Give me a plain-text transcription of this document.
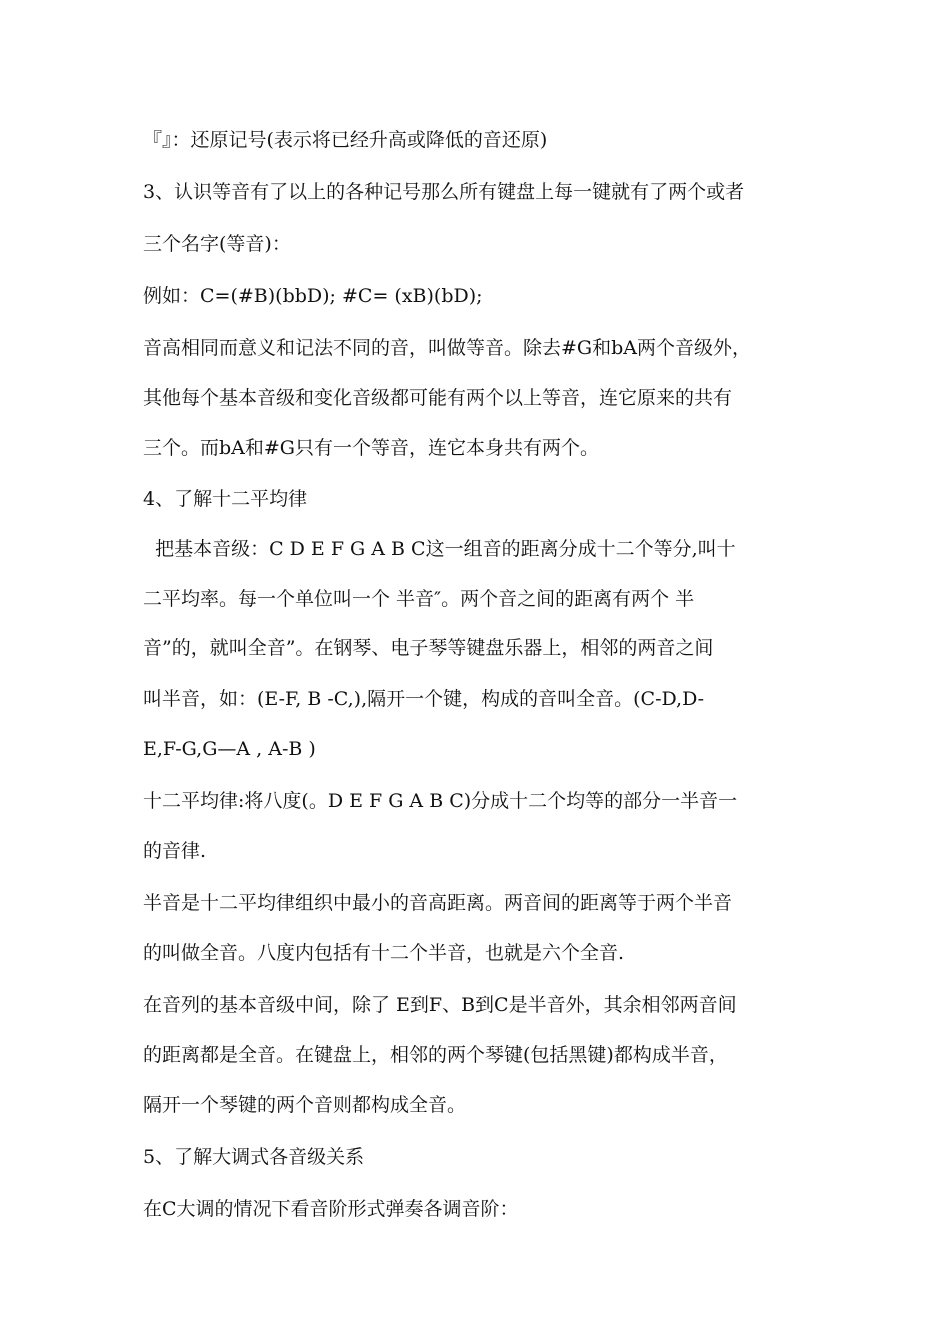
『』：还原记号(表示将已经升高或降低的音还原)
3、认识等音有了以上的各种记号那么所有键盘上每一键就有了两个或者
三个名字(等音)：
例如：C=(#B)(bbD); #C= (xB)(bD);
音高相同而意义和记法不同的音，叫做等音。除去#G和bA两个音级外，
其他每个基本音级和变化音级都可能有两个以上等音，连它原来的共有
三个。而bA和#G只有一个等音，连它本身共有两个。
4、了解十二平均律
把基本音级：C D E F G A B C这一组音的距离分成十二个等分,叫十
二平均率。每一个单位叫一个 半音″。两个音之间的距离有两个 半
音”的，就叫全音”。在钢琴、电子琴等键盘乐器上，相邻的两音之间
叫半音，如：(E-F, B -C,),隔开一个键，构成的音叫全音。(C-D,D-
E,F-G,G—A , A-B )
十二平均律:将八度(。D E F G A B C)分成十二个均等的部分一半音一
的音律.
半音是十二平均律组织中最小的音高距离。两音间的距离等于两个半音
的叫做全音。八度内包括有十二个半音，也就是六个全音.
在音列的基本音级中间，除了 E到F、B到C是半音外，其余相邻两音间
的距离都是全音。在键盘上，相邻的两个琴键(包括黑键)都构成半音，
隔开一个琴键的两个音则都构成全音。
5、了解大调式各音级关系
在C大调的情况下看音阶形式弹奏各调音阶：
